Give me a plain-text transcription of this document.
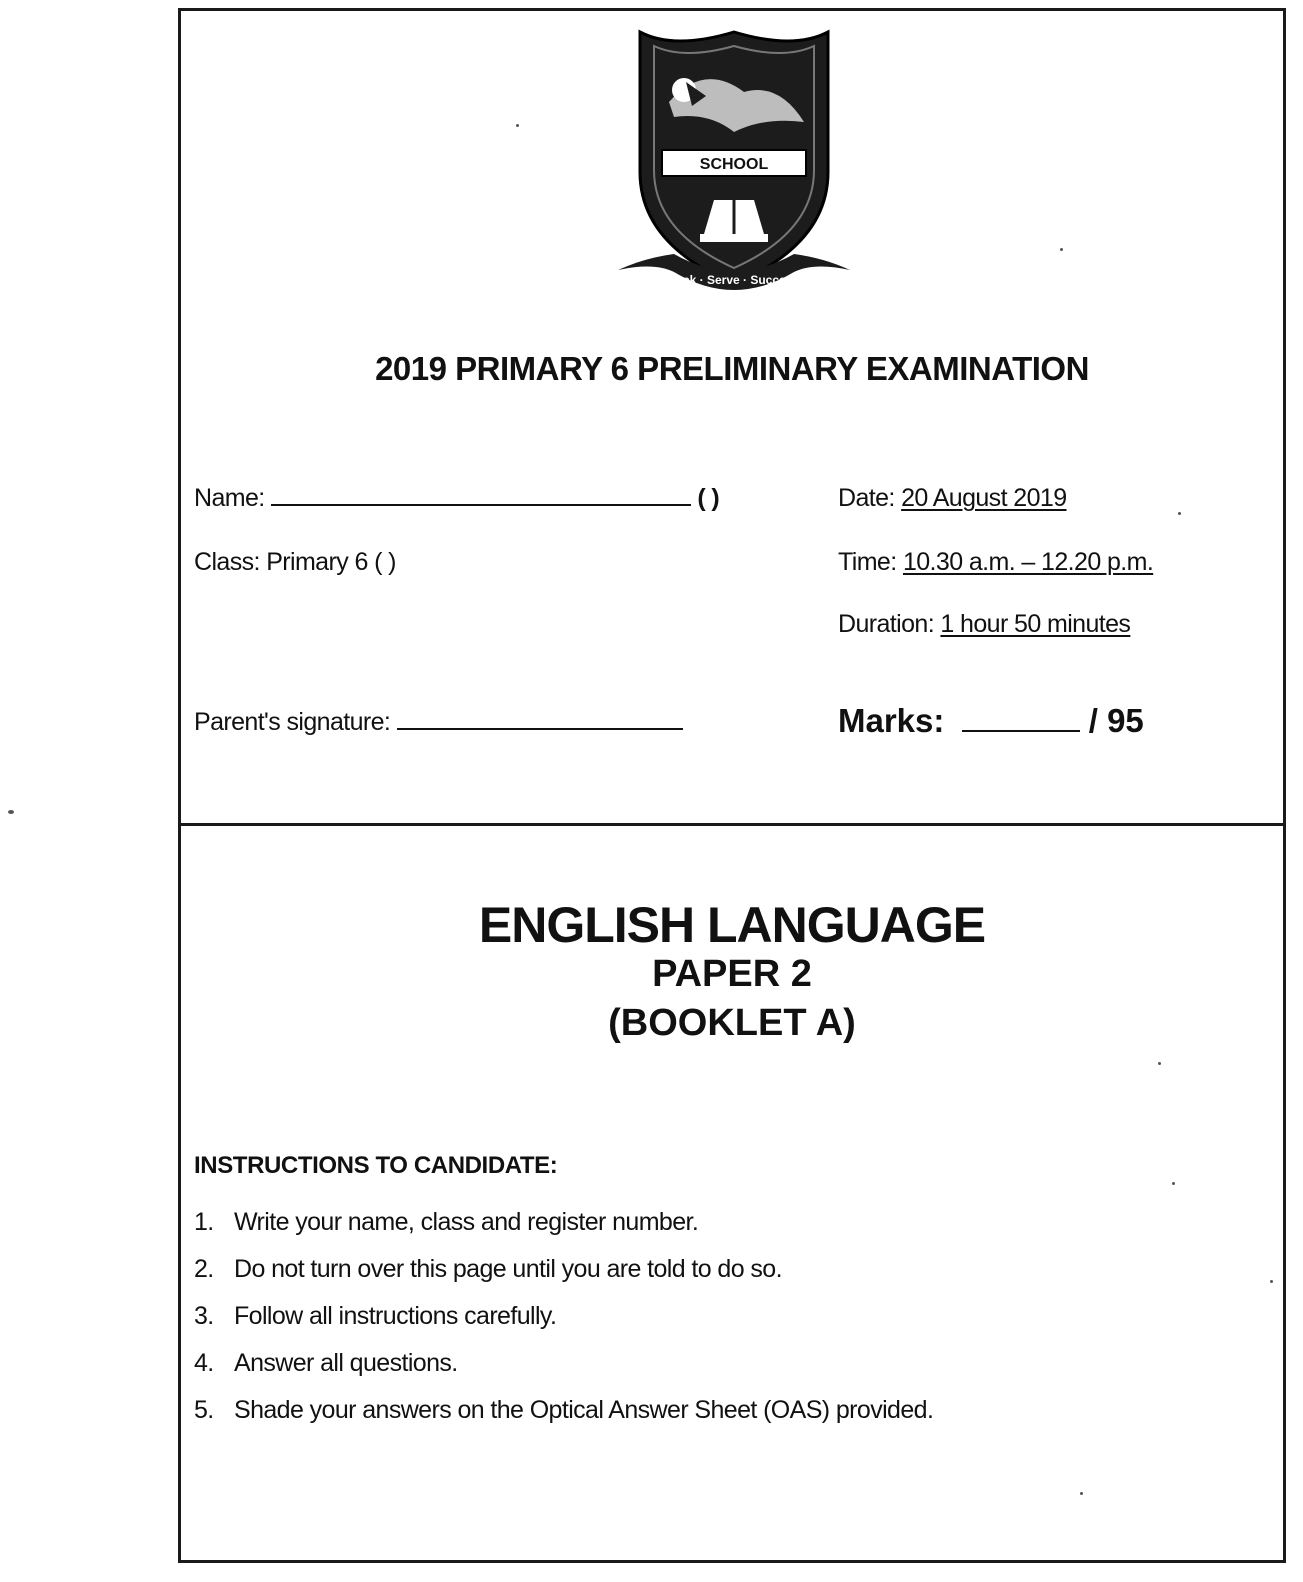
SCHOOL
Seek · Serve · Succeed
2019 PRIMARY 6 PRELIMINARY EXAMINATION
Name:	( )
Class: Primary 6 ( )
Parent's signature:
Date: 20 August 2019
Time: 10.30 a.m. – 12.20 p.m.
Duration: 1 hour 50 minutes
Marks:	/ 95
ENGLISH LANGUAGE
PAPER 2
(BOOKLET A)
INSTRUCTIONS TO CANDIDATE:
1. Write your name, class and register number.
2. Do not turn over this page until you are told to do so.
3. Follow all instructions carefully.
4. Answer all questions.
5. Shade your answers on the Optical Answer Sheet (OAS) provided.
